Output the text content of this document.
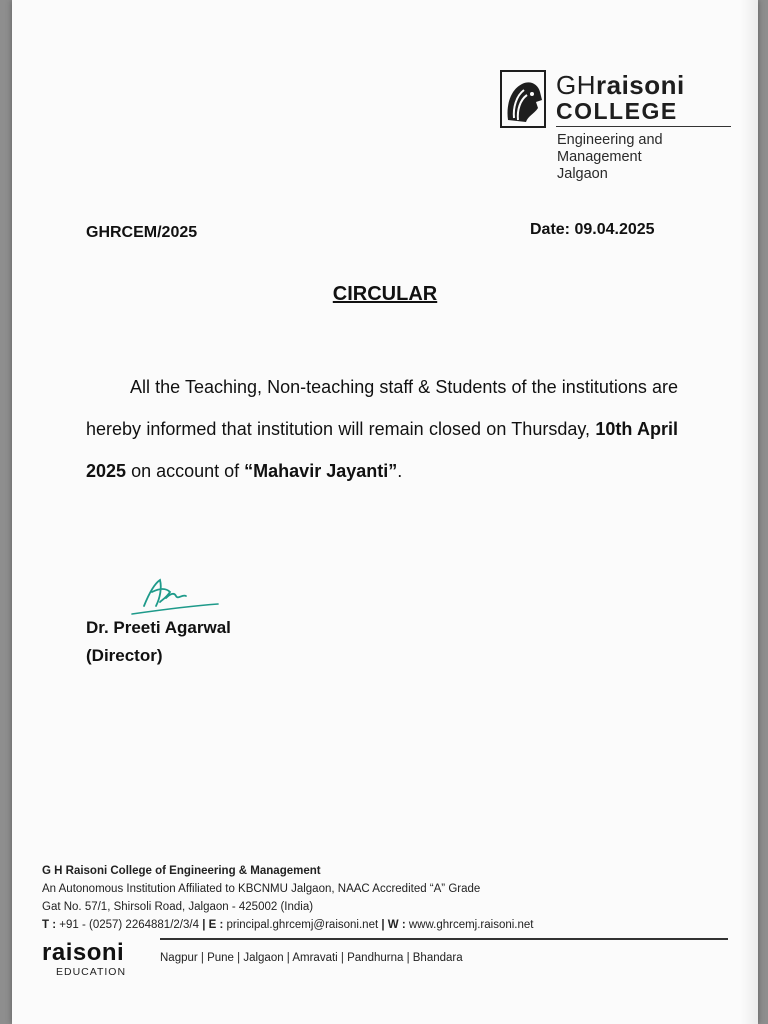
GHraisoni
COLLEGE
Engineering and
Management
Jalgaon
GHRCEM/2025	Date: 09.04.2025
CIRCULAR
All the Teaching, Non-teaching staff & Students of the institutions are hereby informed that institution will remain closed on Thursday, 10th April 2025 on account of “Mahavir Jayanti”.
Dr. Preeti Agarwal
(Director)
G H Raisoni College of Engineering & Management
An Autonomous Institution Affiliated to KBCNMU Jalgaon, NAAC Accredited “A” Grade
Gat No. 57/1, Shirsoli Road, Jalgaon - 425002 (India)
T : +91 - (0257) 2264881/2/3/4 | E : principal.ghrcemj@raisoni.net | W : www.ghrcemj.raisoni.net
raisoni
EDUCATION
Nagpur | Pune | Jalgaon | Amravati | Pandhurna | Bhandara
